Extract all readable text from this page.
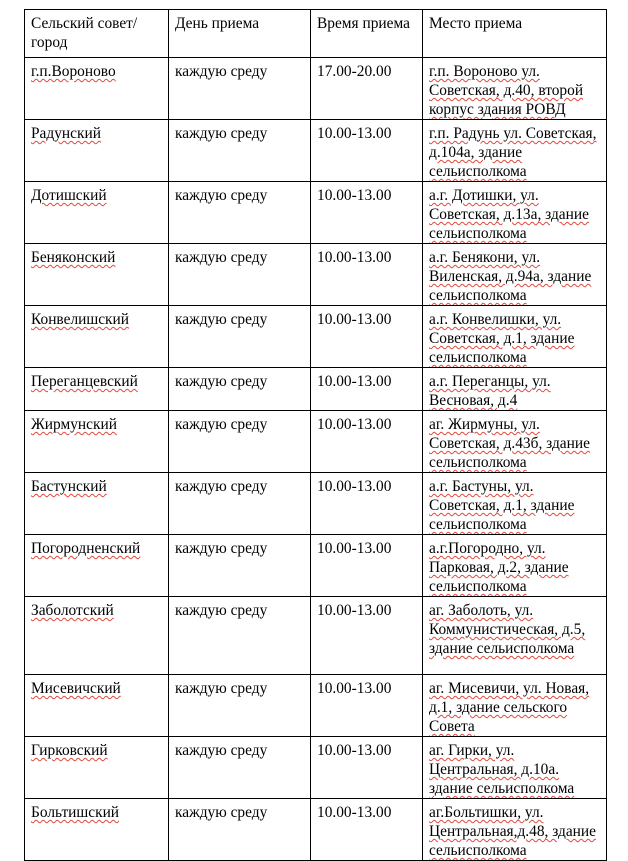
Сельский совет/город	День приема	Время приема	Место приема
г.п.Вороново	каждую среду	17.00-20.00	г.п. Вороново ул. Советская, д.40, второй корпус здания РОВД
Радунский	каждую среду	10.00-13.00	г.п. Радунь ул. Советская, д.104а, здание сельисполкома
Дотишский	каждую среду	10.00-13.00	а.г. Дотишки, ул. Советская, д.13а, здание сельисполкома
Беняконский	каждую среду	10.00-13.00	а.г. Бенякони, ул. Виленская, д.94а, здание сельисполкома
Конвелишский	каждую среду	10.00-13.00	а.г. Конвелишки, ул. Советская, д.1, здание сельисполкома
Переганцевский	каждую среду	10.00-13.00	а.г. Переганцы, ул. Весновая, д.4
Жирмунский	каждую среду	10.00-13.00	аг. Жирмуны, ул. Советская, д.43б, здание сельисполкома
Бастунский	каждую среду	10.00-13.00	а.г. Бастуны, ул. Советская, д.1, здание сельисполкома
Погородненский	каждую среду	10.00-13.00	а.г.Погородно, ул. Парковая, д.2, здание сельисполкома
Заболотский	каждую среду	10.00-13.00	аг. Заболоть, ул. Коммунистическая, д.5, здание сельисполкома
Мисевичский	каждую среду	10.00-13.00	аг. Мисевичи, ул. Новая, д.1, здание сельского Совета
Гирковский	каждую среду	10.00-13.00	аг. Гирки, ул. Центральная, д.10а. здание сельисполкома
Больтишский	каждую среду	10.00-13.00	аг.Больтишки, ул. Центральная,д.48, здание сельисполкома
